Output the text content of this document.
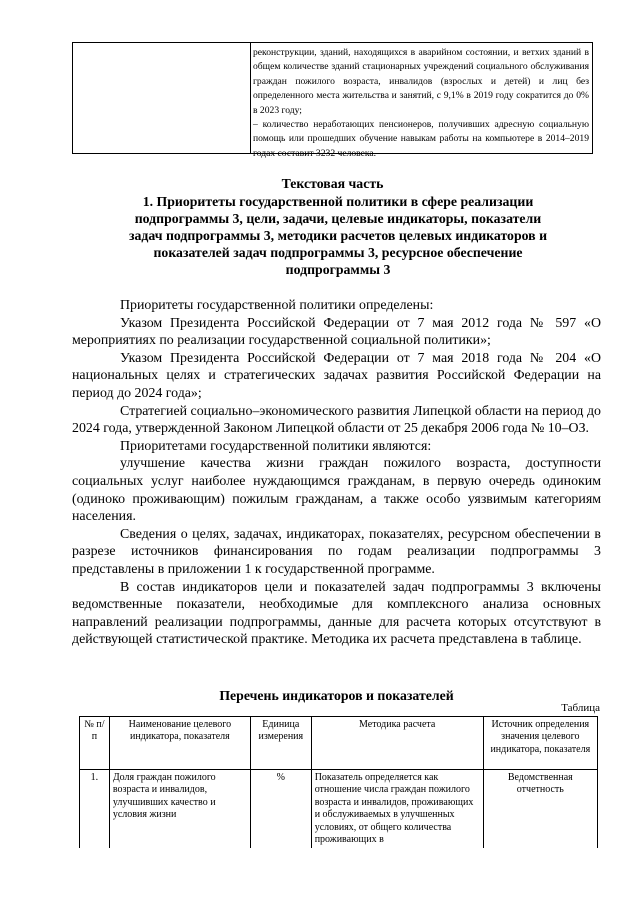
реконструкции, зданий, находящихся в аварийном состоянии, и ветхих зданий в общем количестве зданий стационарных учреждений социального обслуживания граждан пожилого возраста, инвалидов (взрослых и детей) и лиц без определенного места жительства и занятий, с 9,1% в 2019 году сократится до 0% в 2023 году;
– количество неработающих пенсионеров, получивших адресную социальную помощь или прошедших обучение навыкам работы на компьютере в 2014–2019 годах составит 3232 человека.
Текстовая часть
1. Приоритеты государственной политики в сфере реализации подпрограммы 3, цели, задачи, целевые индикаторы, показатели задач подпрограммы 3, методики расчетов целевых индикаторов и показателей задач подпрограммы 3, ресурсное обеспечение подпрограммы 3

Приоритеты государственной политики определены:

Указом Президента Российской Федерации от 7 мая 2012 года № 597 «О мероприятиях по реализации государственной социальной политики»;

Указом Президента Российской Федерации от 7 мая 2018 года № 204 «О национальных целях и стратегических задачах развития Российской Федерации на период до 2024 года»;

Стратегией социально–экономического развития Липецкой области на период до 2024 года, утвержденной Законом Липецкой области от 25 декабря 2006 года № 10–ОЗ.

Приоритетами государственной политики являются:

улучшение качества жизни граждан пожилого возраста, доступности социальных услуг наиболее нуждающимся гражданам, в первую очередь одиноким (одиноко проживающим) пожилым гражданам, а также особо уязвимым категориям населения.

Сведения о целях, задачах, индикаторах, показателях, ресурсном обеспечении в разрезе источников финансирования по годам реализации подпрограммы 3 представлены в приложении 1 к государственной программе.

В состав индикаторов цели и показателей задач подпрограммы 3 включены ведомственные показатели, необходимые для комплексного анализа основных направлений реализации подпрограммы, данные для расчета которых отсутствуют в действующей статистической практике. Методика их расчета представлена в таблице.

Перечень индикаторов и показателей
Таблица
№ п/п	Наименование целевого индикатора, показателя	Единица измерения	Методика расчета	Источник определения значения целевого индикатора, показателя
1.	Доля граждан пожилого возраста и инвалидов, улучшивших качество и условия жизни	%	Показатель определяется как отношение числа граждан пожилого возраста и инвалидов, проживающих и обслуживаемых в улучшенных условиях, от общего количества проживающих в	Ведомственная отчетность
